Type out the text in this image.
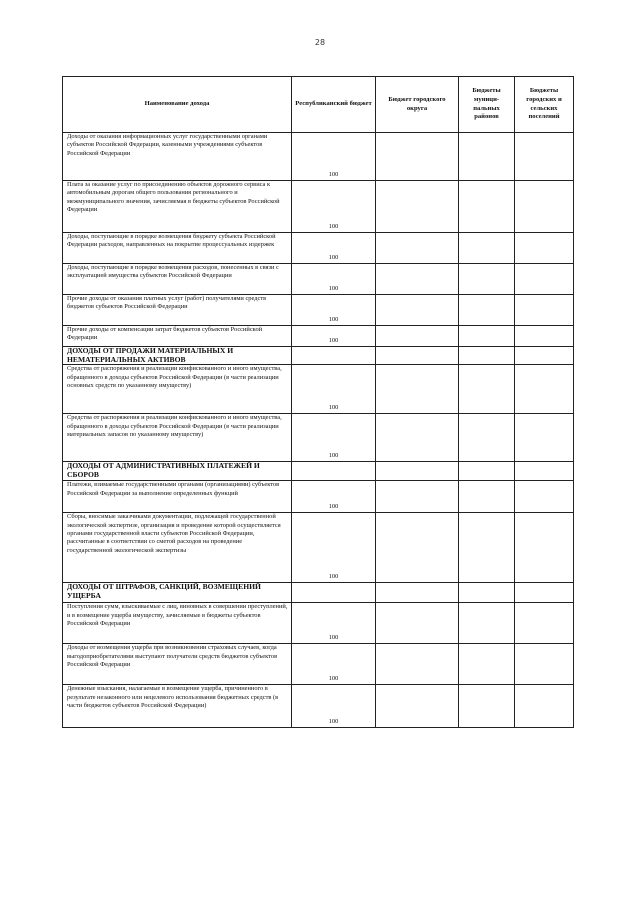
28
Наименование дохода	Республиканский бюджет	Бюджет городского округа	Бюджеты муници-пальных районов	Бюджеты городских и сельских поселений
Доходы от оказания информационных услуг государственными органами субъектов Российской Федерации, казенными учреждениями субъектов Российской Федерации	100			
Плата за оказание услуг по присоединению объектов дорожного сервиса к автомобильным дорогам общего пользования регионального и межмуниципального значения, зачисляемая в бюджеты субъектов Российской Федерации	100			
Доходы, поступающие в порядке возмещения бюджету субъекта Российской Федерации расходов, направленных на покрытие процессуальных издержек	100			
Доходы, поступающие в порядке возмещения расходов, понесенных в связи с эксплуатацией имущества субъектов Российской Федерации	100			
Прочие доходы от оказания платных услуг (работ) получателями средств бюджетов субъектов Российской Федерации	100			
Прочие доходы от компенсации затрат бюджетов субъектов Российской Федерации	100			
ДОХОДЫ ОТ ПРОДАЖИ МАТЕРИАЛЬНЫХ И НЕМАТЕРИАЛЬНЫХ АКТИВОВ				
Средства от распоряжения и реализации конфискованного и иного имущества, обращенного в доходы субъектов Российской Федерации (в части реализации основных средств по указанному имуществу)	100			
Средства от распоряжения и реализации конфискованного и иного имущества, обращенного в доходы субъектов Российской Федерации (в части реализации материальных запасов по указанному имуществу)	100			
ДОХОДЫ ОТ АДМИНИСТРАТИВНЫХ ПЛАТЕЖЕЙ И СБОРОВ				
Платежи, взимаемые государственными органами (организациями) субъектов Российской Федерации за выполнение определенных функций	100			
Сборы, вносимые заказчиками документации, подлежащей государственной экологической экспертизе, организация и проведение которой осуществляется органами государственной власти субъектов Российской Федерации, рассчитанные в соответствии со сметой расходов на проведение государственной экологической экспертизы	100			
ДОХОДЫ ОТ ШТРАФОВ, САНКЦИЙ, ВОЗМЕЩЕНИЙ УЩЕРБА				
Поступления сумм, взыскиваемые с лиц, виновных в совершении преступлений, и в возмещение ущерба имуществу, зачисляемые в бюджеты субъектов Российской Федерации	100			
Доходы от возмещения ущерба при возникновении страховых случаев, когда выгодоприобретателями выступают получатели средств бюджетов субъектов Российской Федерации	100			
Денежные взыскания, налагаемые в возмещение ущерба, причиненного в результате незаконного или нецелевого использования бюджетных средств (в части бюджетов субъектов Российской Федерации)	100			
